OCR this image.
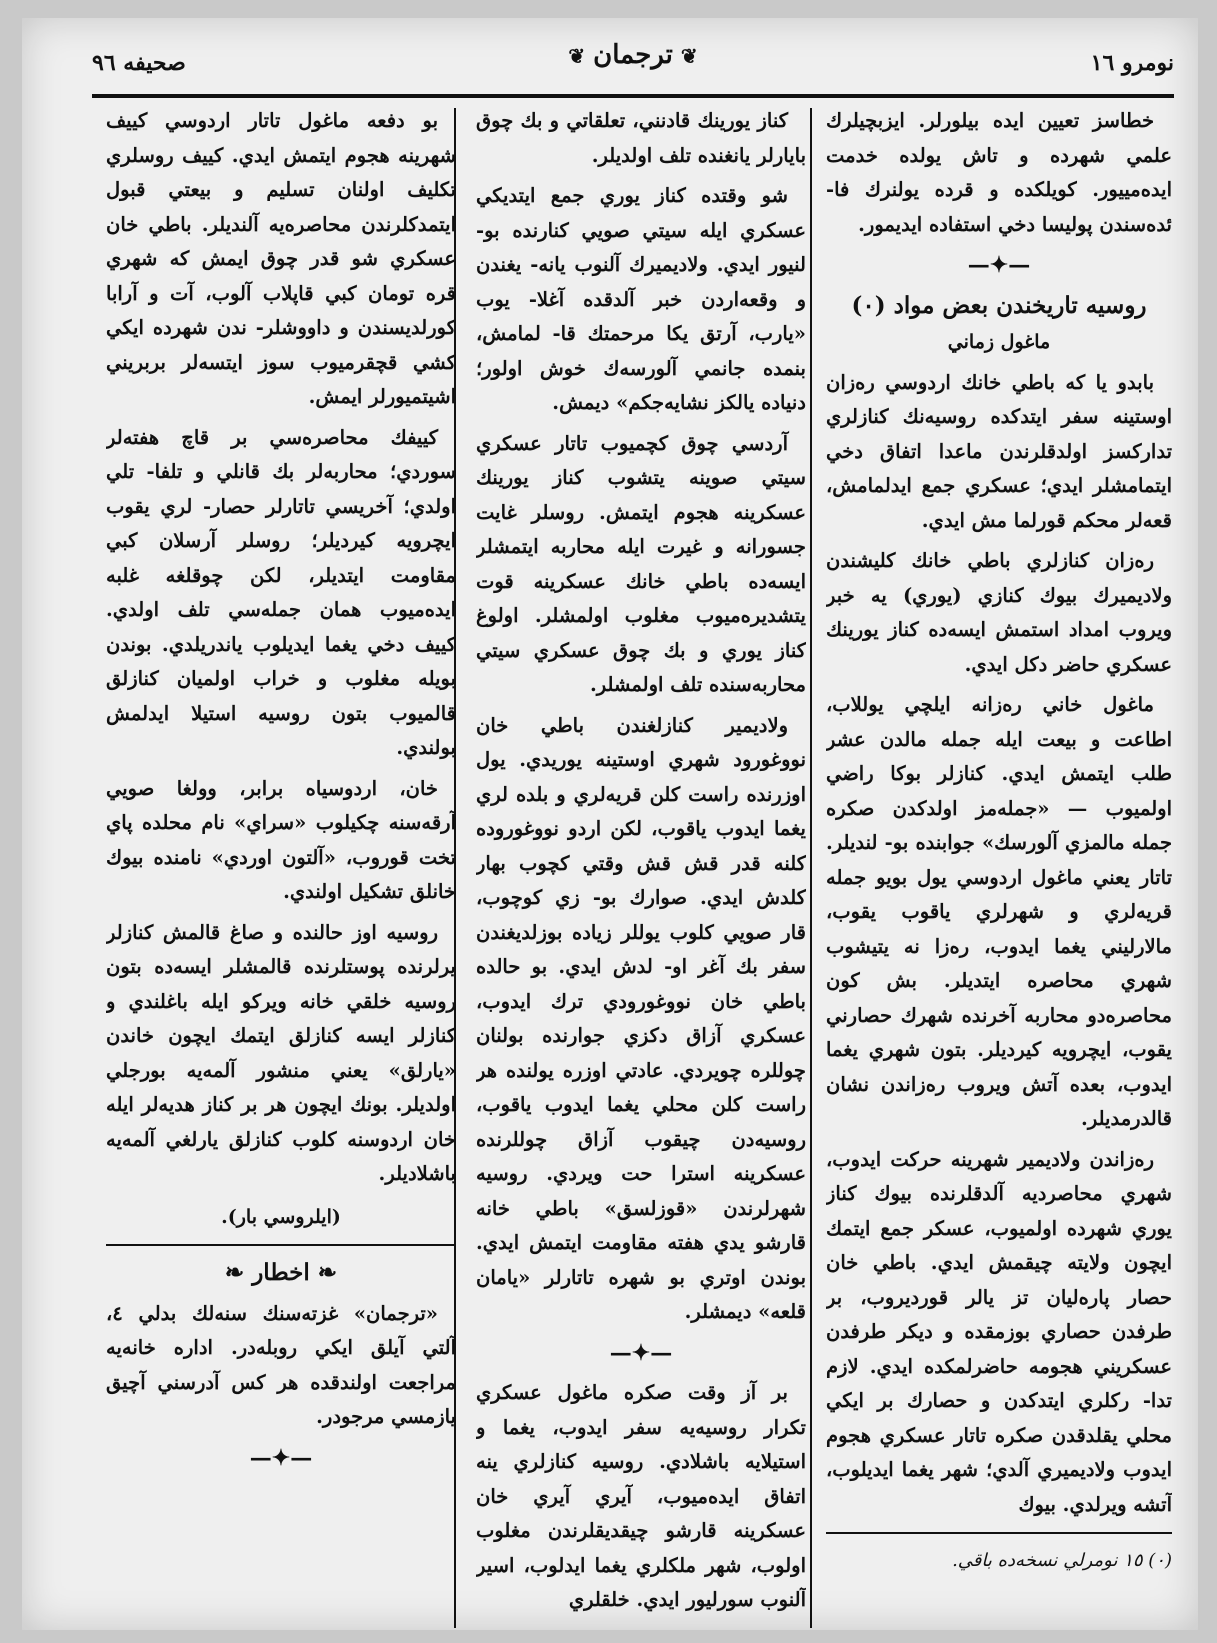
نومرو ١٦
❦ترجمان❦
صحيفه ٩٦

خطاسز تعيين ايده بيلورلر. ايزبچيلرك علمي شهرده و تاش يولده خدمت ايده‌مييور. كويلكده و قرده يولنرك فا- ئده‌سندن پوليسا دخي استفاده ايديمور.

—✦—
روسيه تاريخندن بعض مواد (٠)
ماغول زماني

بابدو يا كه باطي خانك اردوسي رەزان اوستينه سفر ايتدكده روسيه‌نك كنازلري تداركسز اولدقلرندن ماعدا اتفاق دخي ايتمامشلر ايدي؛ عسكري جمع ايدلمامش، قعه‌لر محكم قورلما مش ايدي.

رەزان كنازلري باطي خانك كليشندن ولاديميرك بيوك كنازي (يوري) يه خبر ويروب امداد استمش ايسه‌ده كناز يورينك عسكري حاضر دكل ايدي.

ماغول خاني رەزانه ايلچي يوللاب، اطاعت و بيعت ايله جمله مالدن عشر طلب ايتمش ايدي. كنازلر بوكا راضي اولميوب — «جمله‌مز اولدكدن صكره جمله مالمزي آلورسك» جوابنده بو- لنديلر. تاتار يعني ماغول اردوسي يول بويو جمله قريه‌لري و شهرلري ياقوب يقوب، مالارليني يغما ايدوب، رەزا نه يتيشوب شهري محاصره ايتديلر. بش كون محاصرەدو محاربه آخرنده شهرك حصارني يقوب، ايچرويه كيرديلر. بتون شهري يغما ايدوب، بعده آتش ويروب رەزاندن نشان قالدرمديلر.

رەزاندن ولاديمير شهرينه حركت ايدوب، شهري محاصرديه آلدقلرنده بيوك كناز يوري شهرده اولميوب، عسكر جمع ايتمك ايچون ولايته چيقمش ايدي. باطي خان حصار پارەليان تز يالر قورديروب، بر طرفدن حصاري بوزمقده و ديكر طرفدن عسكريني هجومه حاضرلمكده ايدي. لازم تدا- ركلري ايتدكدن و حصارك بر ايكي محلي يقلدقدن صكره تاتار عسكري هجوم ايدوب ولاديميري آلدي؛ شهر يغما ايديلوب، آتشه ويرلدي. بيوك

(٠) ١٥ نومرلي نسخه‌ده باقي.

كناز يورينك قادنني، تعلقاتي و بك چوق بايارلر يانغنده تلف اولديلر.

شو وقتده كناز يوري جمع ايتديكي عسكري ايله سيتي صويي كنارنده بو- لنيور ايدي. ولاديميرك آلنوب يانه- يغندن و وقعه‌اردن خبر آلدقده آغلا- يوب «يارب، آرتق يكا مرحمتك قا- لمامش، بنمده جانمي آلورسەك خوش اولور؛ دنياده يالكز نشايه‌جكم» ديمش.

آردسي چوق كچميوب تاتار عسكري سيتي صوينه يتشوب كناز يورينك عسكرينه هجوم ايتمش. روسلر غايت جسورانه و غيرت ايله محاربه ايتمشلر ايسه‌ده باطي خانك عسكرينه قوت يتشديره‌ميوب مغلوب اولمشلر. اولوغ كناز يوري و بك چوق عسكري سيتي محاربه‌سنده تلف اولمشلر.

ولاديمير كنازلغندن باطي خان نووغورود شهري اوستينه يوريدي. يول اوزرنده راست كلن قريه‌لري و بلده لري يغما ايدوب ياقوب، لكن اردو نووغوروده كلنه قدر قش قش وقتي كچوب بهار كلدش ايدي. صوارك بو- زي كوچوب، قار صويي كلوب يوللر زياده بوزلديغندن سفر بك آغر او- لدش ايدي. بو حالده باطي خان نووغورودي ترك ايدوب، عسكري آزاق دكزي جوارنده بولنان چوللره چويردي. عادتي اوزره يولنده هر راست كلن محلي يغما ايدوب ياقوب، روسيه‌دن چيقوب آزاق چوللرنده عسكرينه استرا حت ويردي. روسيه شهرلرندن «قوزلسق» باطي خانه قارشو يدي هفته مقاومت ايتمش ايدي. بوندن اوتري بو شهره تاتارلر «يامان قلعه» ديمشلر.

—✦—

بر آز وقت صكره ماغول عسكري تكرار روسيه‌يه سفر ايدوب، يغما و استيلايه باشلادي. روسيه كنازلري ينه اتفاق ايده‌ميوب، آيري آيري خان عسكرينه قارشو چيقديقلرندن مغلوب اولوب، شهر ملكلري يغما ايدلوب، اسير آلنوب سورليور ايدي. خلقلري

بو دفعه ماغول تاتار اردوسي كييف شهرينه هجوم ايتمش ايدي. كييف روسلري تكليف اولنان تسليم و بيعتي قبول ايتمدكلرندن محاصره‌يه آلنديلر. باطي خان عسكري شو قدر چوق ايمش كه شهري قره تومان كبي قاپلاب آلوب، آت و آرابا كورلديسندن و داووشلر- ندن شهرده ايكي كشي قچقرميوب سوز ايتسه‌لر بربريني اشيتميورلر ايمش.

كييفك محاصره‌سي بر قاچ هفته‌لر سوردي؛ محاربه‌لر بك قانلي و تلفا- تلي اولدي؛ آخريسي تاتارلر حصار- لري يقوب ايچرويه كيرديلر؛ روسلر آرسلان كبي مقاومت ايتديلر، لكن چوقلغه غلبه ايده‌ميوب همان جمله‌سي تلف اولدي. كييف دخي يغما ايديلوب ياندريلدي. بوندن بويله مغلوب و خراب اولميان كنازلق قالميوب بتون روسيه استيلا ايدلمش بولندي.

خان، اردوسياه برابر، وولغا صويي آرقه‌سنه چكيلوب «سراي» نام محلده پاي تخت قوروب، «آلتون اوردي» نامنده بيوك خانلق تشكيل اولندي.

روسيه اوز حالنده و صاغ قالمش كنازلر يرلرنده پوستلرنده قالمشلر ايسه‌ده بتون روسيه خلقي خانه ويركو ايله باغلندي و كنازلر ايسه كنازلق ايتمك ايچون خاندن «يارلق» يعني منشور آلمه‌يه بورجلي اولديلر. بونك ايچون هر بر كناز هديه‌لر ايله خان اردوسنه كلوب كنازلق يارلغي آلمه‌يه باشلاديلر.

(ايلروسي بار).
❧ اخطار ❧

«ترجمان» غزته‌سنك سنه‌لك بدلي ٤، آلتي آيلق ايكي روبله‌در. اداره خانه‌يه مراجعت اولندقده هر كس آدرسني آچيق يازمسي مرجودر.

—✦—
